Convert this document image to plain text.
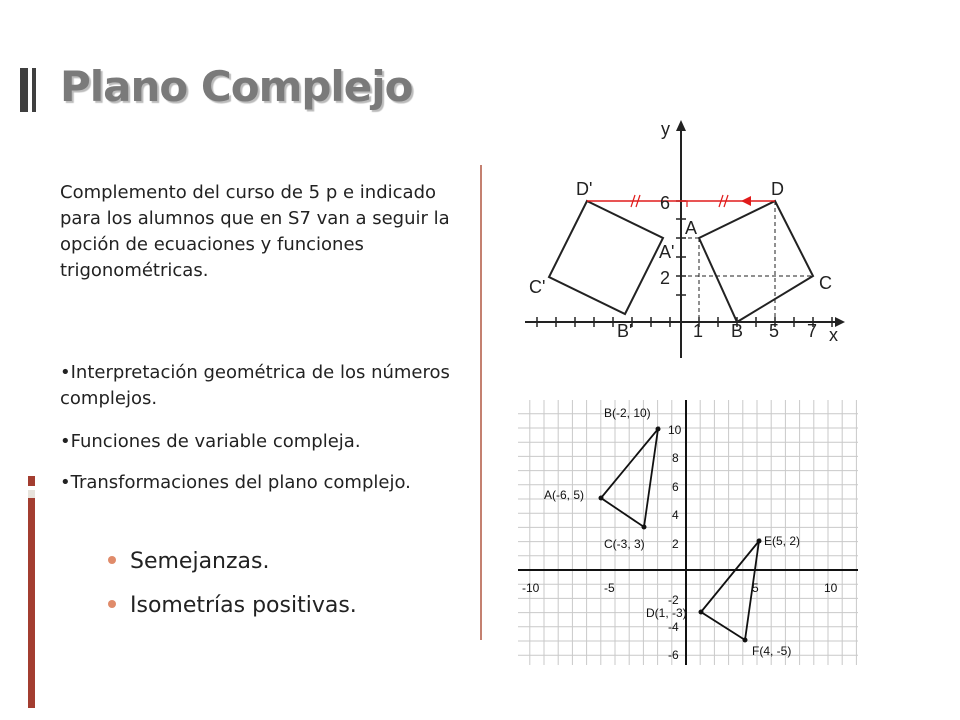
Plano Complejo

Complemento del curso de 5 p e indicado para los alumnos que en S7 van a seguir la opción de ecuaciones y funciones trigonométricas.

•Interpretación geométrica de los números complejos.

•Funciones de variable compleja.

•Transformaciones del plano complejo.

Semejanzas.
Isometrías positivas.
y
x
1	5 7
6
2
D'	D
A
A'
C'	C
B'	B
-10	-5	5	10
10
8
6
4
2
-2
-4
-6
B(-2, 10)
A(-6, 5)
C(-3, 3)	E(5, 2)
D(1, -3)
F(4, -5)
